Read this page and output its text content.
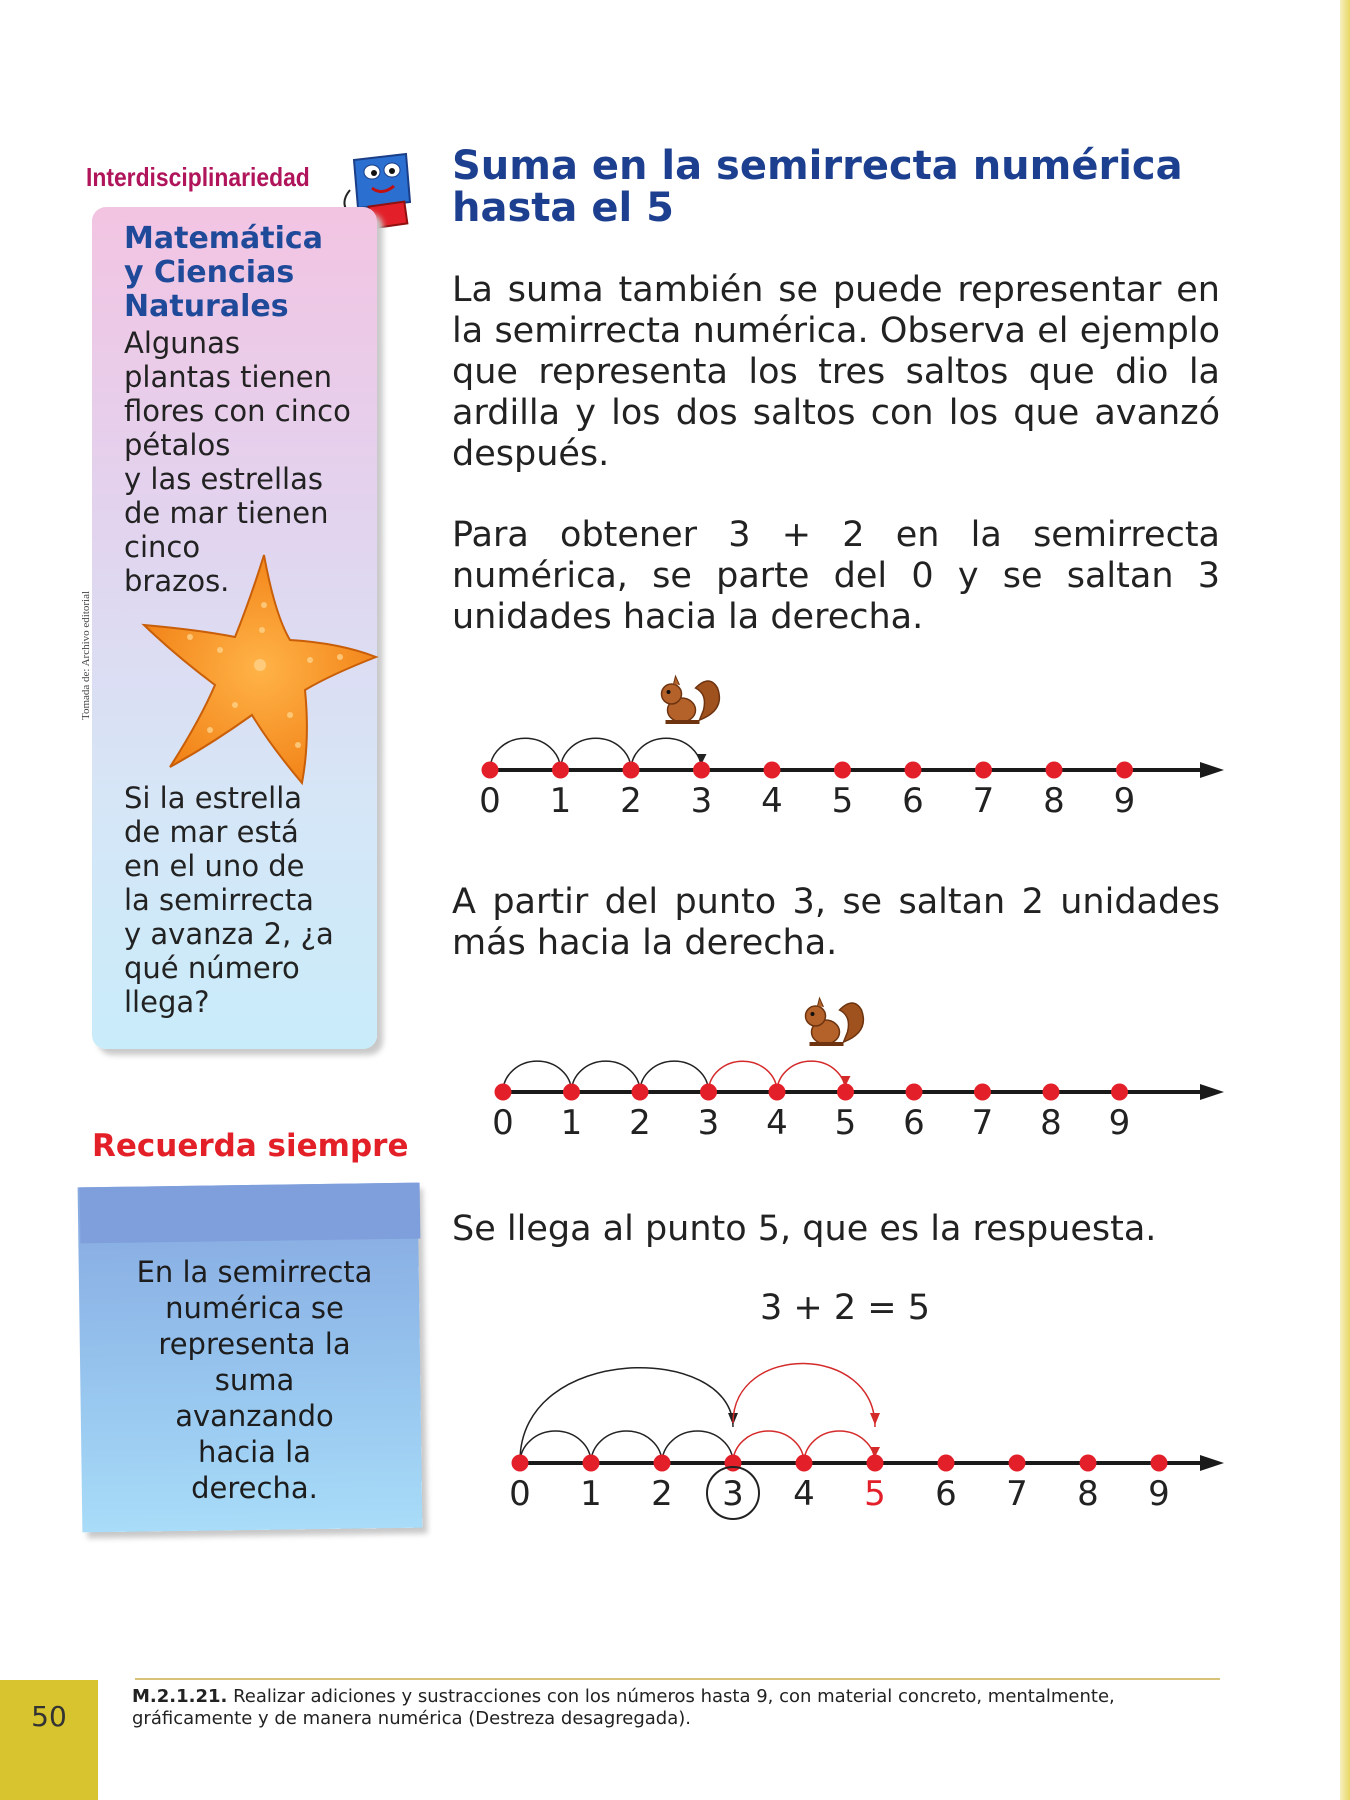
Interdisciplinariedad
Matemática
y Ciencias
Naturales
Algunas
plantas tienen
flores con cinco
pétalos
y las estrellas
de mar tienen
cinco
brazos.
Si la estrella
de mar está
en el uno de
la semirrecta
y avanza 2, ¿a
qué número
llega?
Tomada de: Archivo editorial
Recuerda siempre
En la semirrecta
numérica se
representa la
suma
avanzando
hacia la
derecha.
Suma en la semirrecta numérica
hasta el 5
La suma también se puede representar en la semirrecta numérica. Observa el ejemplo que representa los tres saltos que dio la ardilla y los dos saltos con los que avanzó después.
Para obtener 3 + 2 en la semirrecta numérica, se parte del 0 y se saltan 3 unidades hacia la derecha.
0 1 2 3 4 5 6 7 8 9
A partir del punto 3, se saltan 2 unidades más hacia la derecha.
0 1 2 3 4 5 6 7 8 9
Se llega al punto 5, que es la respuesta.
3 + 2 = 5
0 1 2 3 4 5 6 7 8 9
M.2.1.21. Realizar adiciones y sustracciones con los números hasta 9, con material concreto, mentalmente, gráficamente y de manera numérica (Destreza desagregada).
50
